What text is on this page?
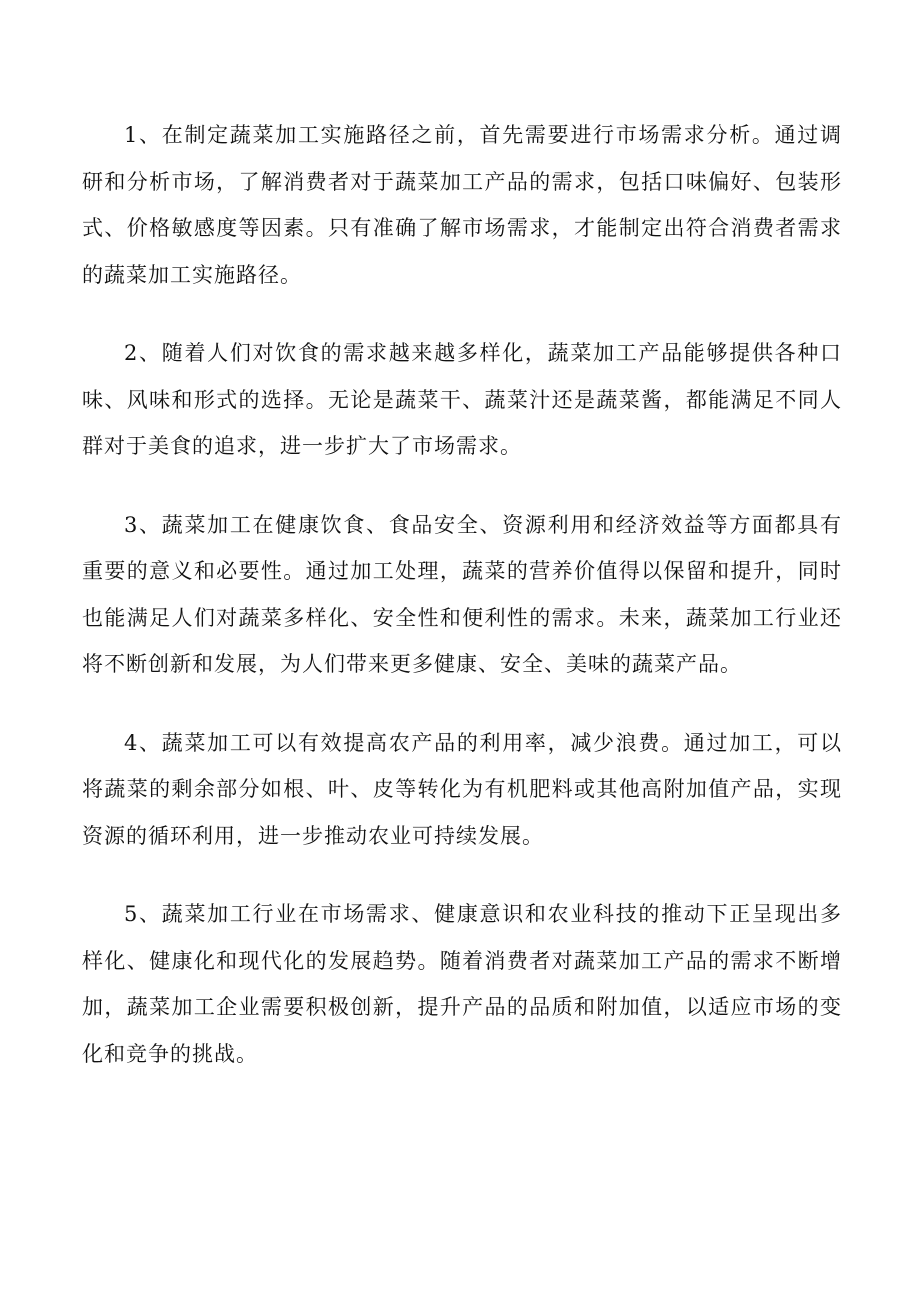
1、在制定蔬菜加工实施路径之前，首先需要进行市场需求分析。通过调研和分析市场，了解消费者对于蔬菜加工产品的需求，包括口味偏好、包装形式、价格敏感度等因素。只有准确了解市场需求，才能制定出符合消费者需求的蔬菜加工实施路径。

2、随着人们对饮食的需求越来越多样化，蔬菜加工产品能够提供各种口味、风味和形式的选择。无论是蔬菜干、蔬菜汁还是蔬菜酱，都能满足不同人群对于美食的追求，进一步扩大了市场需求。

3、蔬菜加工在健康饮食、食品安全、资源利用和经济效益等方面都具有重要的意义和必要性。通过加工处理，蔬菜的营养价值得以保留和提升，同时也能满足人们对蔬菜多样化、安全性和便利性的需求。未来，蔬菜加工行业还将不断创新和发展，为人们带来更多健康、安全、美味的蔬菜产品。

4、蔬菜加工可以有效提高农产品的利用率，减少浪费。通过加工，可以将蔬菜的剩余部分如根、叶、皮等转化为有机肥料或其他高附加值产品，实现资源的循环利用，进一步推动农业可持续发展。

5、蔬菜加工行业在市场需求、健康意识和农业科技的推动下正呈现出多样化、健康化和现代化的发展趋势。随着消费者对蔬菜加工产品的需求不断增加，蔬菜加工企业需要积极创新，提升产品的品质和附加值，以适应市场的变化和竞争的挑战。
